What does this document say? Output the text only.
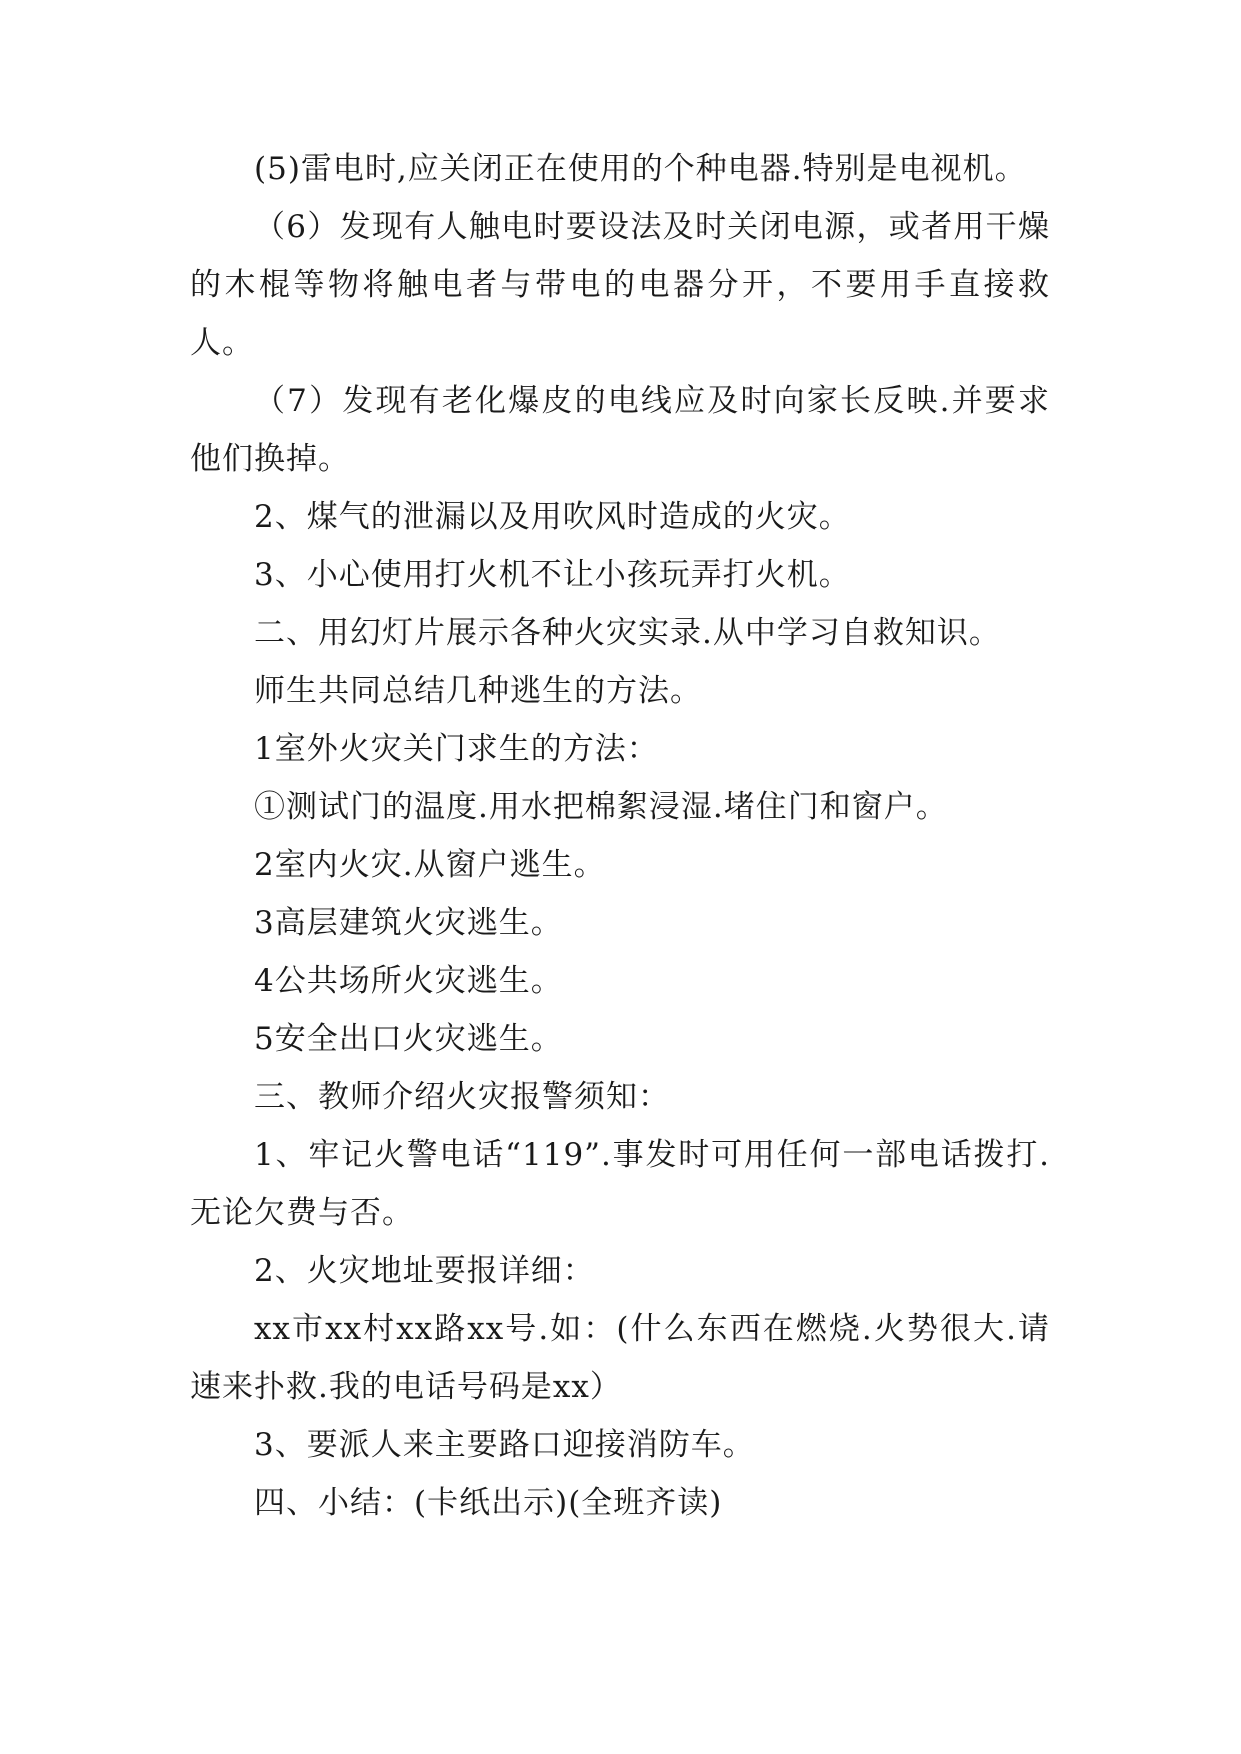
(5)雷电时,应关闭正在使用的个种电器.特别是电视机。

（6）发现有人触电时要设法及时关闭电源，或者用干燥的木棍等物将触电者与带电的电器分开，不要用手直接救人。

（7）发现有老化爆皮的电线应及时向家长反映.并要求他们换掉。

2、煤气的泄漏以及用吹风时造成的火灾。

3、小心使用打火机不让小孩玩弄打火机。

二、用幻灯片展示各种火灾实录.从中学习自救知识。

师生共同总结几种逃生的方法。

1室外火灾关门求生的方法：

①测试门的温度.用水把棉絮浸湿.堵住门和窗户。

2室内火灾.从窗户逃生。

3高层建筑火灾逃生。

4公共场所火灾逃生。

5安全出口火灾逃生。

三、教师介绍火灾报警须知：

1、牢记火警电话“119”.事发时可用任何一部电话拨打.无论欠费与否。

2、火灾地址要报详细：

xx市xx村xx路xx号.如：(什么东西在燃烧.火势很大.请速来扑救.我的电话号码是xx）

3、要派人来主要路口迎接消防车。

四、小结：(卡纸出示)(全班齐读)
